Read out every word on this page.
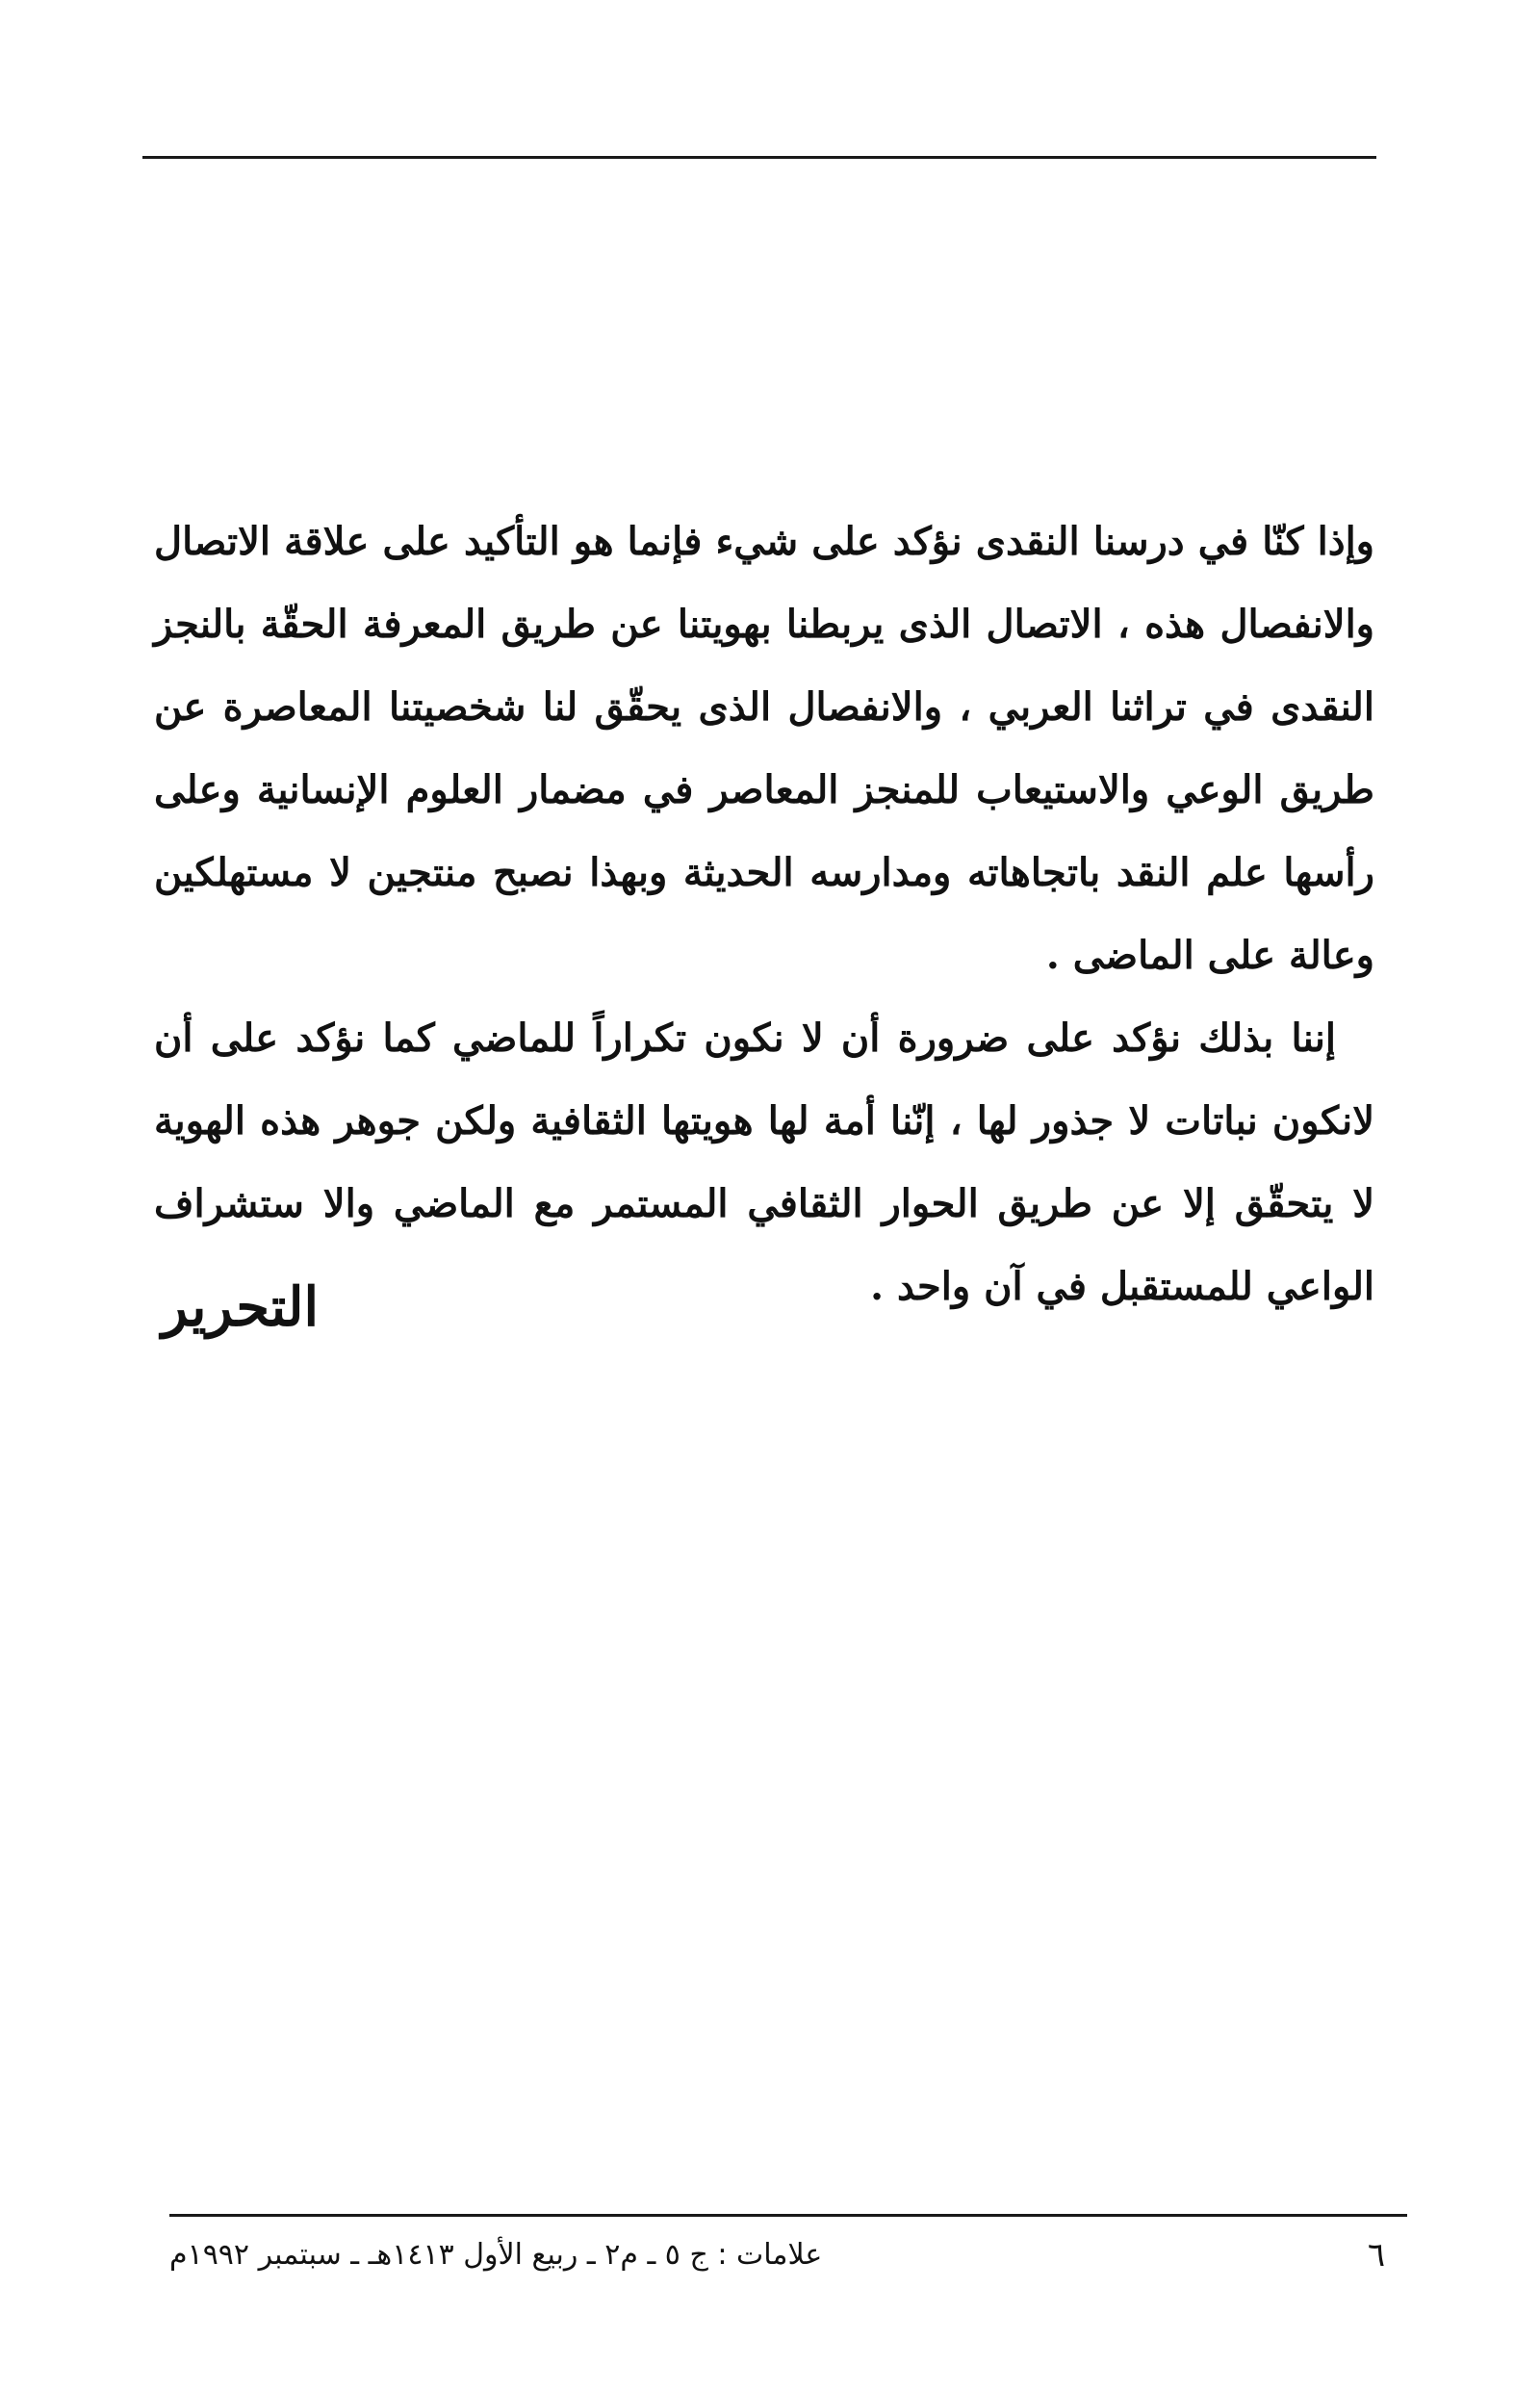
وإذا كنّا في درسنا النقدى نؤكد على شيء فإنما هو التأكيد على علاقة الاتصال والانفصال هذه ، الاتصال الذى يربطنا بهويتنا عن طريق المعرفة الحقّة بالنجز النقدى في تراثنا العربي ، والانفصال الذى يحقّق لنا شخصيتنا المعاصرة عن طريق الوعي والاستيعاب للمنجز المعاصر في مضمار العلوم الإنسانية وعلى رأسها علم النقد باتجاهاته ومدارسه الحديثة وبهذا نصبح منتجين لا مستهلكين وعالة على الماضى .

إننا بذلك نؤكد على ضرورة أن لا نكون تكراراً للماضي كما نؤكد على أن لانكون نباتات لا جذور لها ، إنّنا أمة لها هويتها الثقافية ولكن جوهر هذه الهوية لا يتحقّق إلا عن طريق الحوار الثقافي المستمر مع الماضي والا ستشراف الواعي للمستقبل في آن واحد .

التحرير
علامات : ج ٥ ـ م٢ ـ ربيع الأول ١٤١٣هـ ـ سبتمبر ١٩٩٢م	٦
